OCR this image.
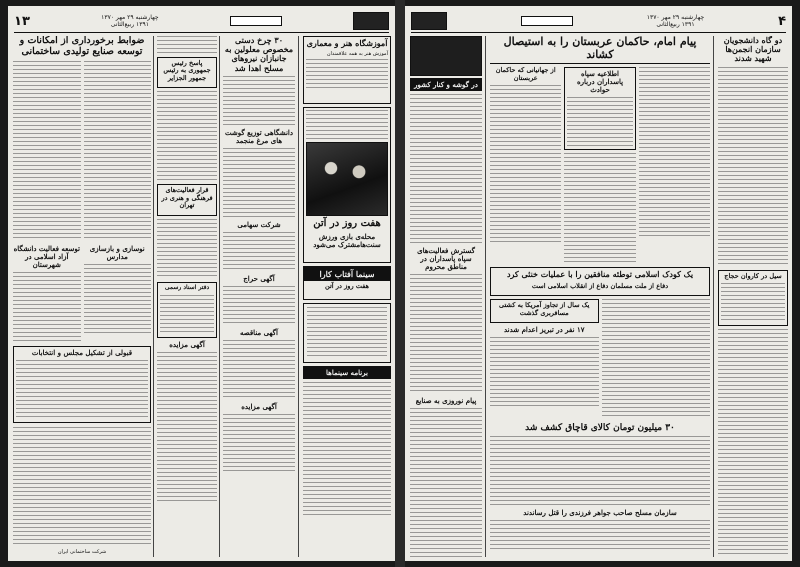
چهارشنبه ۲۹ مهر ۱۳۷۰
۱۳۹۱ ربیع‌الثانی
۱۳
آموزشگاه هنر و معماری
آموزش هنر به همه علاقمندان
هفت روز در آتن
محله‌ی بازی ورزش سنت‌هامشترک می‌شود
سینما آفتاب کارا
هفت روز در آتن
برنامه سینماها
۳۰ چرخ دستی مخصوص معلولین به جانبازان نیروهای مسلح اهدا شد
دانشگاهی توزیع گوشت های مرغ منجمد
شرکت سهامی
آگهی حراج
آگهی مناقصه
آگهی مزایده
پاسخ رئیس جمهوری به رئیس جمهور الجزایر
قرار فعالیت‌های فرهنگی و هنری در تهران
دفتر اسناد رسمی
آگهی مزایده
ضوابط برخورداری از امکانات و توسعه صنایع تولیدی ساختمانی
نوسازی و بازسازی مدارس
توسعه فعالیت دانشگاه آزاد اسلامی در شهرستان
قبولی از تشکیل مجلس و انتخابات
شرکت ساختمانی ایران
۴
چهارشنبه ۲۹ مهر ۱۳۷۰
۱۳۹۱ ربیع‌الثانی
دو گاه دانشجویان سازمان انجمن‌ها شهید شدند
سیل در کاروان حجاج
پیام امام، حاکمان عربستان را به استیصال کشاند
اطلاعیه سپاه پاسداران درباره حوادث
از جهانیانی که حاکمان عربستان
یک کودک اسلامی توطئه منافقین را با عملیات خنثی کرد
دفاع از ملت مسلمان دفاع از انقلاب اسلامی است
یک سال از تجاوز آمریکا به کشتی مسافربری گذشت
۱۷ نفر در تبریز اعدام شدند
۳۰ میلیون تومان کالای قاچاق کشف شد
سازمان مسلح صاحب جواهر فرزندی را قتل رساندند
در گوشه و کنار کشور
گسترش فعالیت‌های سپاه پاسداران در مناطق محروم
پیام نوروزی به صنایع
